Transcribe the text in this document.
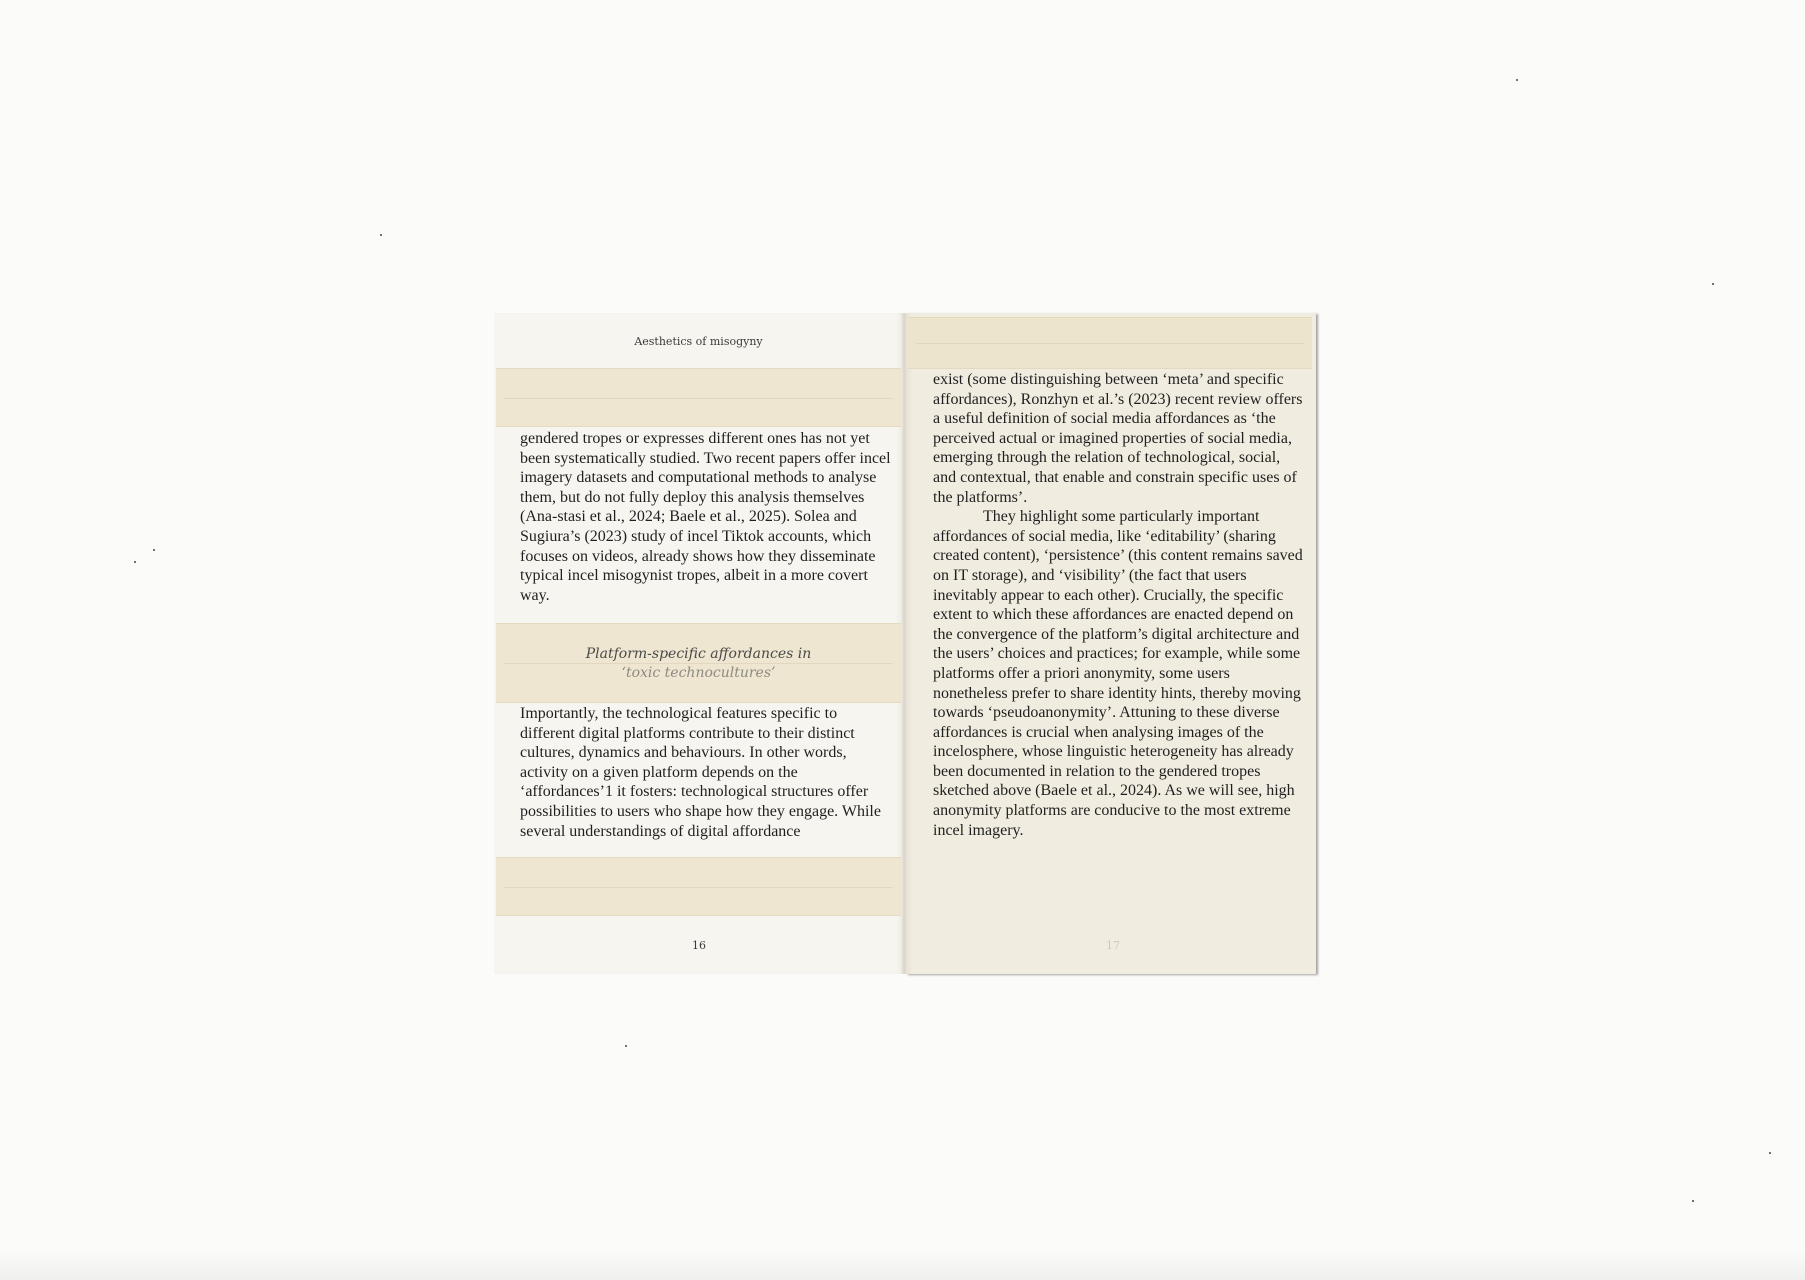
Aesthetics of misogyny

gendered tropes or expresses different ones has not yet been systematically studied. Two recent papers offer incel imagery datasets and computational methods to analyse them, but do not fully deploy this analysis themselves (Ana-stasi et al., 2024; Baele et al., 2025). Solea and Sugiura’s (2023) study of incel Tiktok accounts, which focuses on videos, already shows how they disseminate typical incel misogynist tropes, albeit in a more covert way.

Platform-specific affordances in
‘toxic technocultures’

Importantly, the technological features specific to different digital platforms contribute to their distinct cultures, dynamics and behaviours. In other words, activity on a given platform depends on the ‘affordances’1 it fosters: technological structures offer possibilities to users who shape how they engage. While several understandings of digital affordance

16

exist (some distinguishing between ‘meta’ and specific affordances), Ronzhyn et al.’s (2023) recent review offers a useful definition of social media affordances as ‘the perceived actual or imagined properties of social media, emerging through the relation of technological, social, and contextual, that enable and constrain specific uses of the platforms’.

They highlight some particularly important affordances of social media, like ‘editability’ (sharing created content), ‘persistence’ (this content remains saved on IT storage), and ‘visibility’ (the fact that users inevitably appear to each other). Crucially, the specific extent to which these affordances are enacted depend on the convergence of the platform’s digital architecture and the users’ choices and practices; for example, while some platforms offer a priori anonymity, some users nonetheless prefer to share identity hints, thereby moving towards ‘pseudoanonymity’. Attuning to these diverse affordances is crucial when analysing images of the incelosphere, whose linguistic heterogeneity has already been documented in relation to the gendered tropes sketched above (Baele et al., 2024). As we will see, high anonymity platforms are conducive to the most extreme incel imagery.

17
